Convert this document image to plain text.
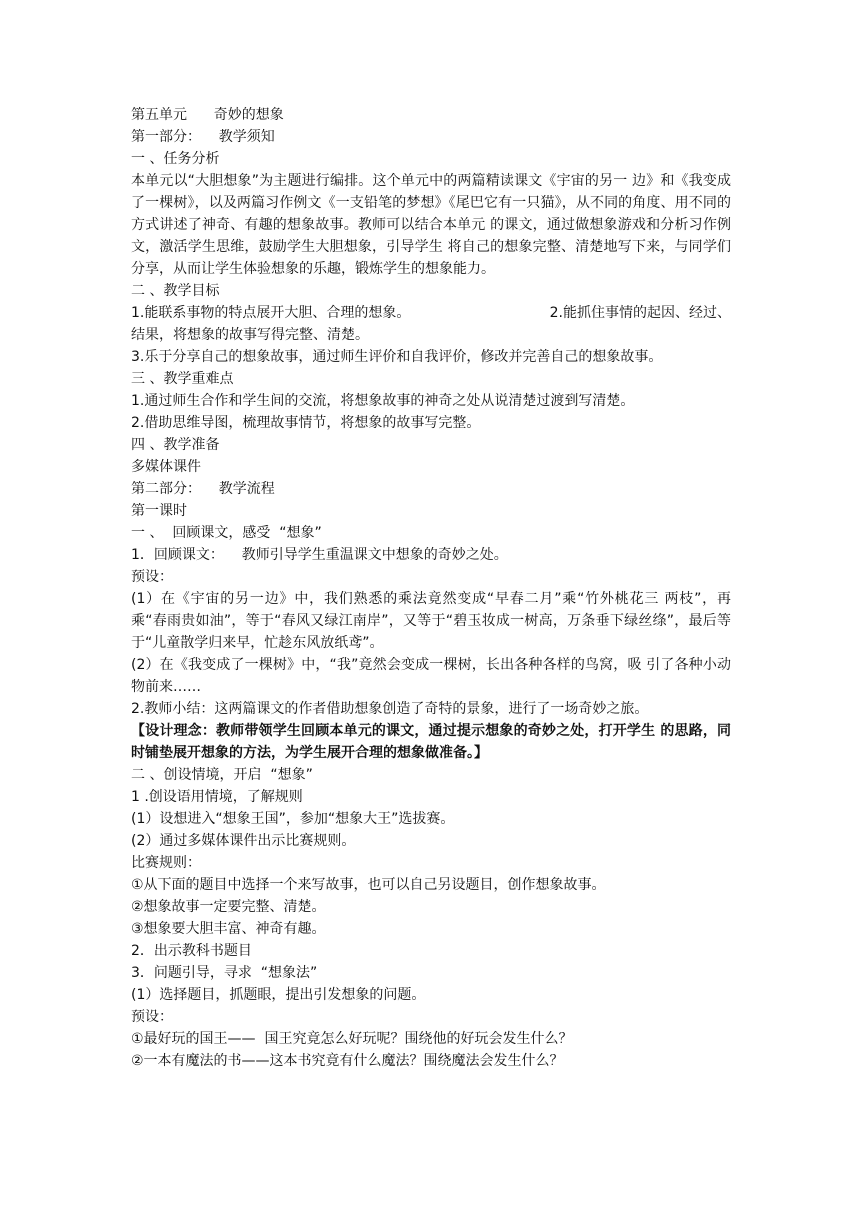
第五单元      奇妙的想象
第一部分：    教学须知
一 、任务分析
本单元以“大胆想象”为主题进行编排。这个单元中的两篇精读课文《宇宙的另一 边》和《我变成了一棵树》，以及两篇习作例文《一支铅笔的梦想》《尾巴它有一只猫》，从不同的角度、用不同的方式讲述了神奇、有趣的想象故事。教师可以结合本单元 的课文，通过做想象游戏和分析习作例文，激活学生思维，鼓励学生大胆想象，引导学生 将自己的想象完整、清楚地写下来，与同学们分享，从而让学生体验想象的乐趣，锻炼学生的想象能力。
二 、教学目标
1.能联系事物的特点展开大胆、合理的想象。	2.能抓住事情的起因、经过、
结果，将想象的故事写得完整、清楚。
3.乐于分享自己的想象故事，通过师生评价和自我评价，修改并完善自己的想象故事。
三 、教学重难点
1.通过师生合作和学生间的交流，将想象故事的神奇之处从说清楚过渡到写清楚。
2.借助思维导图，梳理故事情节，将想象的故事写完整。
四 、教学准备
多媒体课件
第二部分：    教学流程
第一课时
一 、  回顾课文，感受  “想象”
1．回顾课文：    教师引导学生重温课文中想象的奇妙之处。
预设：
(1）在《宇宙的另一边》中，我们熟悉的乘法竟然变成“早春二月”乘“竹外桃花三 两枝”，再乘“春雨贵如油”，等于“春风又绿江南岸”，又等于“碧玉妆成一树高，万条垂下绿丝绦”，最后等于“儿童散学归来早，忙趁东风放纸鸢”。
(2）在《我变成了一棵树》中，“我”竟然会变成一棵树，长出各种各样的鸟窝，吸 引了各种小动物前来……
2.教师小结：这两篇课文的作者借助想象创造了奇特的景象，进行了一场奇妙之旅。
【设计理念：教师带领学生回顾本单元的课文，通过提示想象的奇妙之处，打开学生 的思路，同时铺垫展开想象的方法，为学生展开合理的想象做准备。】
二 、创设情境，开启  “想象”
1 .创设语用情境，了解规则
(1）设想进入“想象王国”，参加“想象大王”选拔赛。
(2）通过多媒体课件出示比赛规则。
比赛规则：
①从下面的题目中选择一个来写故事，也可以自己另设题目，创作想象故事。
②想象故事一定要完整、清楚。
③想象要大胆丰富、神奇有趣。
2．出示教科书题目
3．问题引导，寻求  “想象法”
(1）选择题目，抓题眼，提出引发想象的问题。
预设：
①最好玩的国王——  国王究竟怎么好玩呢？围绕他的好玩会发生什么？
②一本有魔法的书——这本书究竟有什么魔法？围绕魔法会发生什么？
